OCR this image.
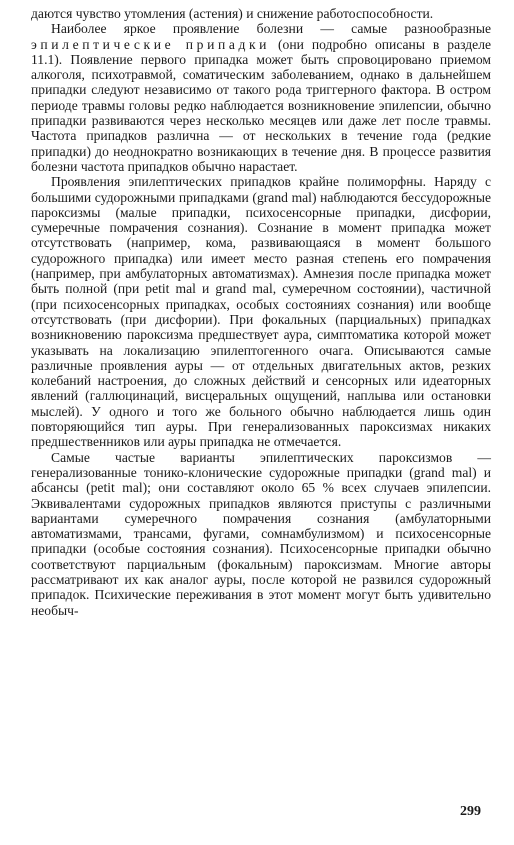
даются чувство утомления (астения) и снижение работоспособности.

Наиболее яркое проявление болезни — самые разнообразные эпилептические припадки (они подробно описаны в разделе 11.1). Появление первого припадка может быть спровоцировано приемом алкоголя, психотравмой, соматическим заболеванием, однако в дальнейшем припадки следуют независимо от такого рода триггерного фактора. В остром периоде травмы головы редко наблюдается возникновение эпилепсии, обычно припадки развиваются через несколько месяцев или даже лет после травмы. Частота припадков различна — от нескольких в течение года (редкие припадки) до неоднократно возникающих в течение дня. В процессе развития болезни частота припадков обычно нарастает.

Проявления эпилептических припадков крайне полиморфны. Наряду с большими судорожными припадками (grand mal) наблюдаются бессудорожные пароксизмы (малые припадки, психосенсорные припадки, дисфории, сумеречные помрачения сознания). Сознание в момент припадка может отсутствовать (например, кома, развивающаяся в момент большого судорожного припадка) или имеет место разная степень его помрачения (например, при амбулаторных автоматизмах). Амнезия после припадка может быть полной (при petit mal и grand mal, сумеречном состоянии), частичной (при психосенсорных припадках, особых состояниях сознания) или вообще отсутствовать (при дисфории). При фокальных (парциальных) припадках возникновению пароксизма предшествует аура, симптоматика которой может указывать на локализацию эпилептогенного очага. Описываются самые различные проявления ауры — от отдельных двигательных актов, резких колебаний настроения, до сложных действий и сенсорных или идеаторных явлений (галлюцинаций, висцеральных ощущений, наплыва или остановки мыслей). У одного и того же больного обычно наблюдается лишь один повторяющийся тип ауры. При генерализованных пароксизмах никаких предшественников или ауры припадка не отмечается.

Самые частые варианты эпилептических пароксизмов — генерализованные тонико-клонические судорожные припадки (grand mal) и абсансы (petit mal); они составляют около 65 % всех случаев эпилепсии. Эквивалентами судорожных припадков являются приступы с различными вариантами сумеречного помрачения сознания (амбулаторными автоматизмами, трансами, фугами, сомнамбулизмом) и психосенсорные припадки (особые состояния сознания). Психосенсорные припадки обычно соответствуют парциальным (фокальным) пароксизмам. Многие авторы рассматривают их как аналог ауры, после которой не развился судорожный припадок. Психические переживания в этот момент могут быть удивительно необыч-

299
